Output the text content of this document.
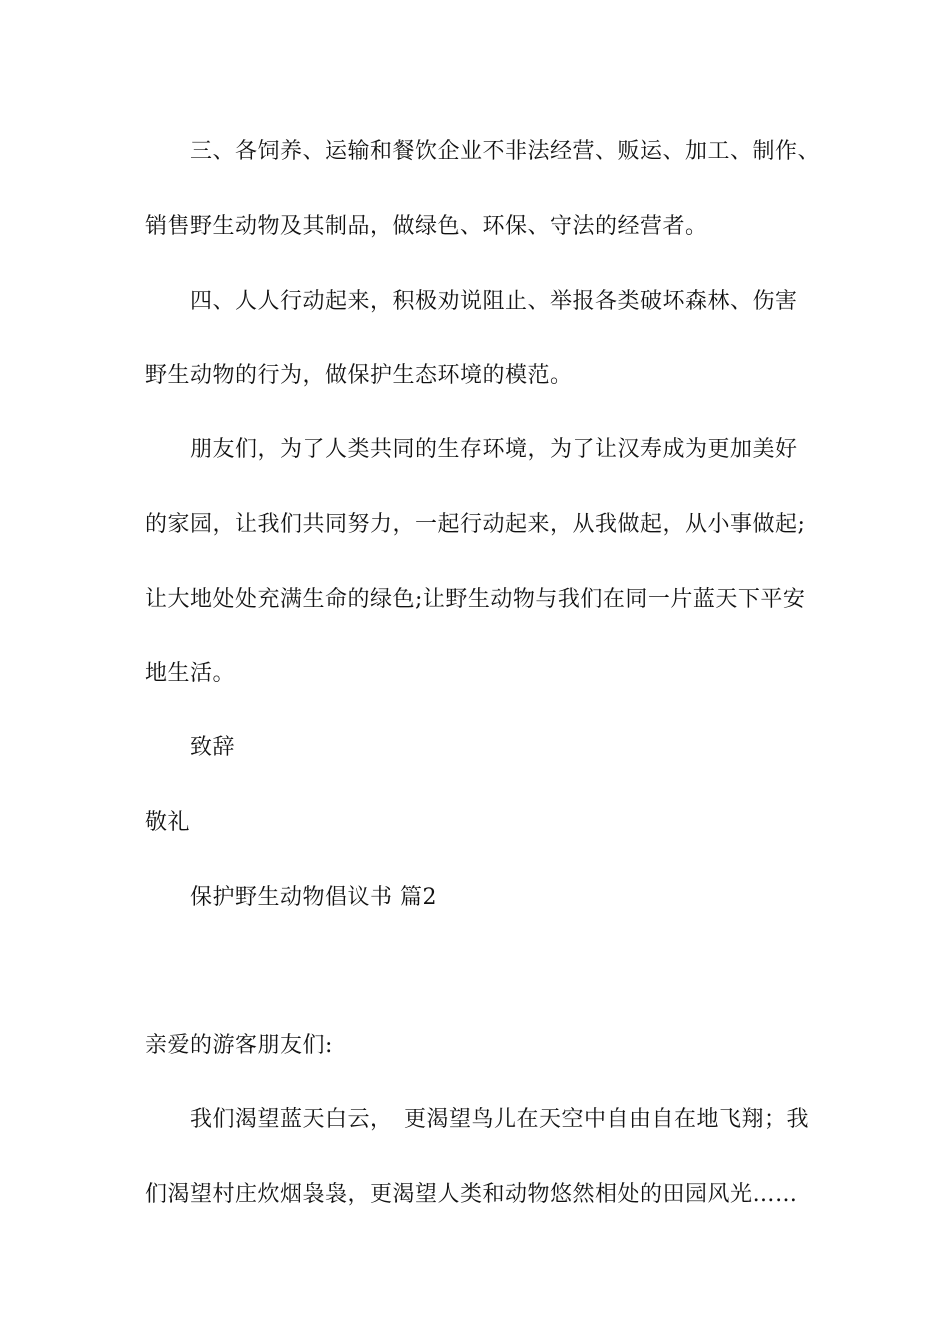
三、各饲养、运输和餐饮企业不非法经营、贩运、加工、制作、
销售野生动物及其制品，做绿色、环保、守法的经营者。
四、人人行动起来，积极劝说阻止、举报各类破坏森林、伤害
野生动物的行为，做保护生态环境的模范。
朋友们，为了人类共同的生存环境，为了让汉寿成为更加美好
的家园，让我们共同努力，一起行动起来，从我做起，从小事做起;
让大地处处充满生命的绿色;让野生动物与我们在同一片蓝天下平安
地生活。
致辞
敬礼
保护野生动物倡议书 篇2
亲爱的游客朋友们:
我们渴望蓝天白云，　更渴望鸟儿在天空中自由自在地飞翔；我
们渴望村庄炊烟袅袅，更渴望人类和动物悠然相处的田园风光……
